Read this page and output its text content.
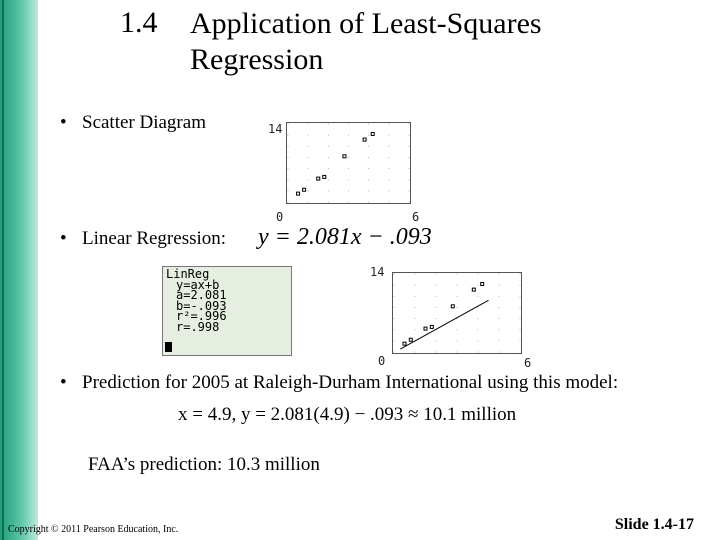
1.4 Application of Least-Squares Regression
• Scatter Diagram	14
0	6
• Linear Regression: y = 2.081x − .093
LinReg
y=ax+b
a=2.081
b=-.093
r²=.996
r=.998
14
0	6
• Prediction for 2005 at Raleigh-Durham International using this model:
x = 4.9, y = 2.081(4.9) − .093 ≈ 10.1 million
FAA’s prediction: 10.3 million
Copyright © 2011 Pearson Education, Inc.	Slide 1.4-17
